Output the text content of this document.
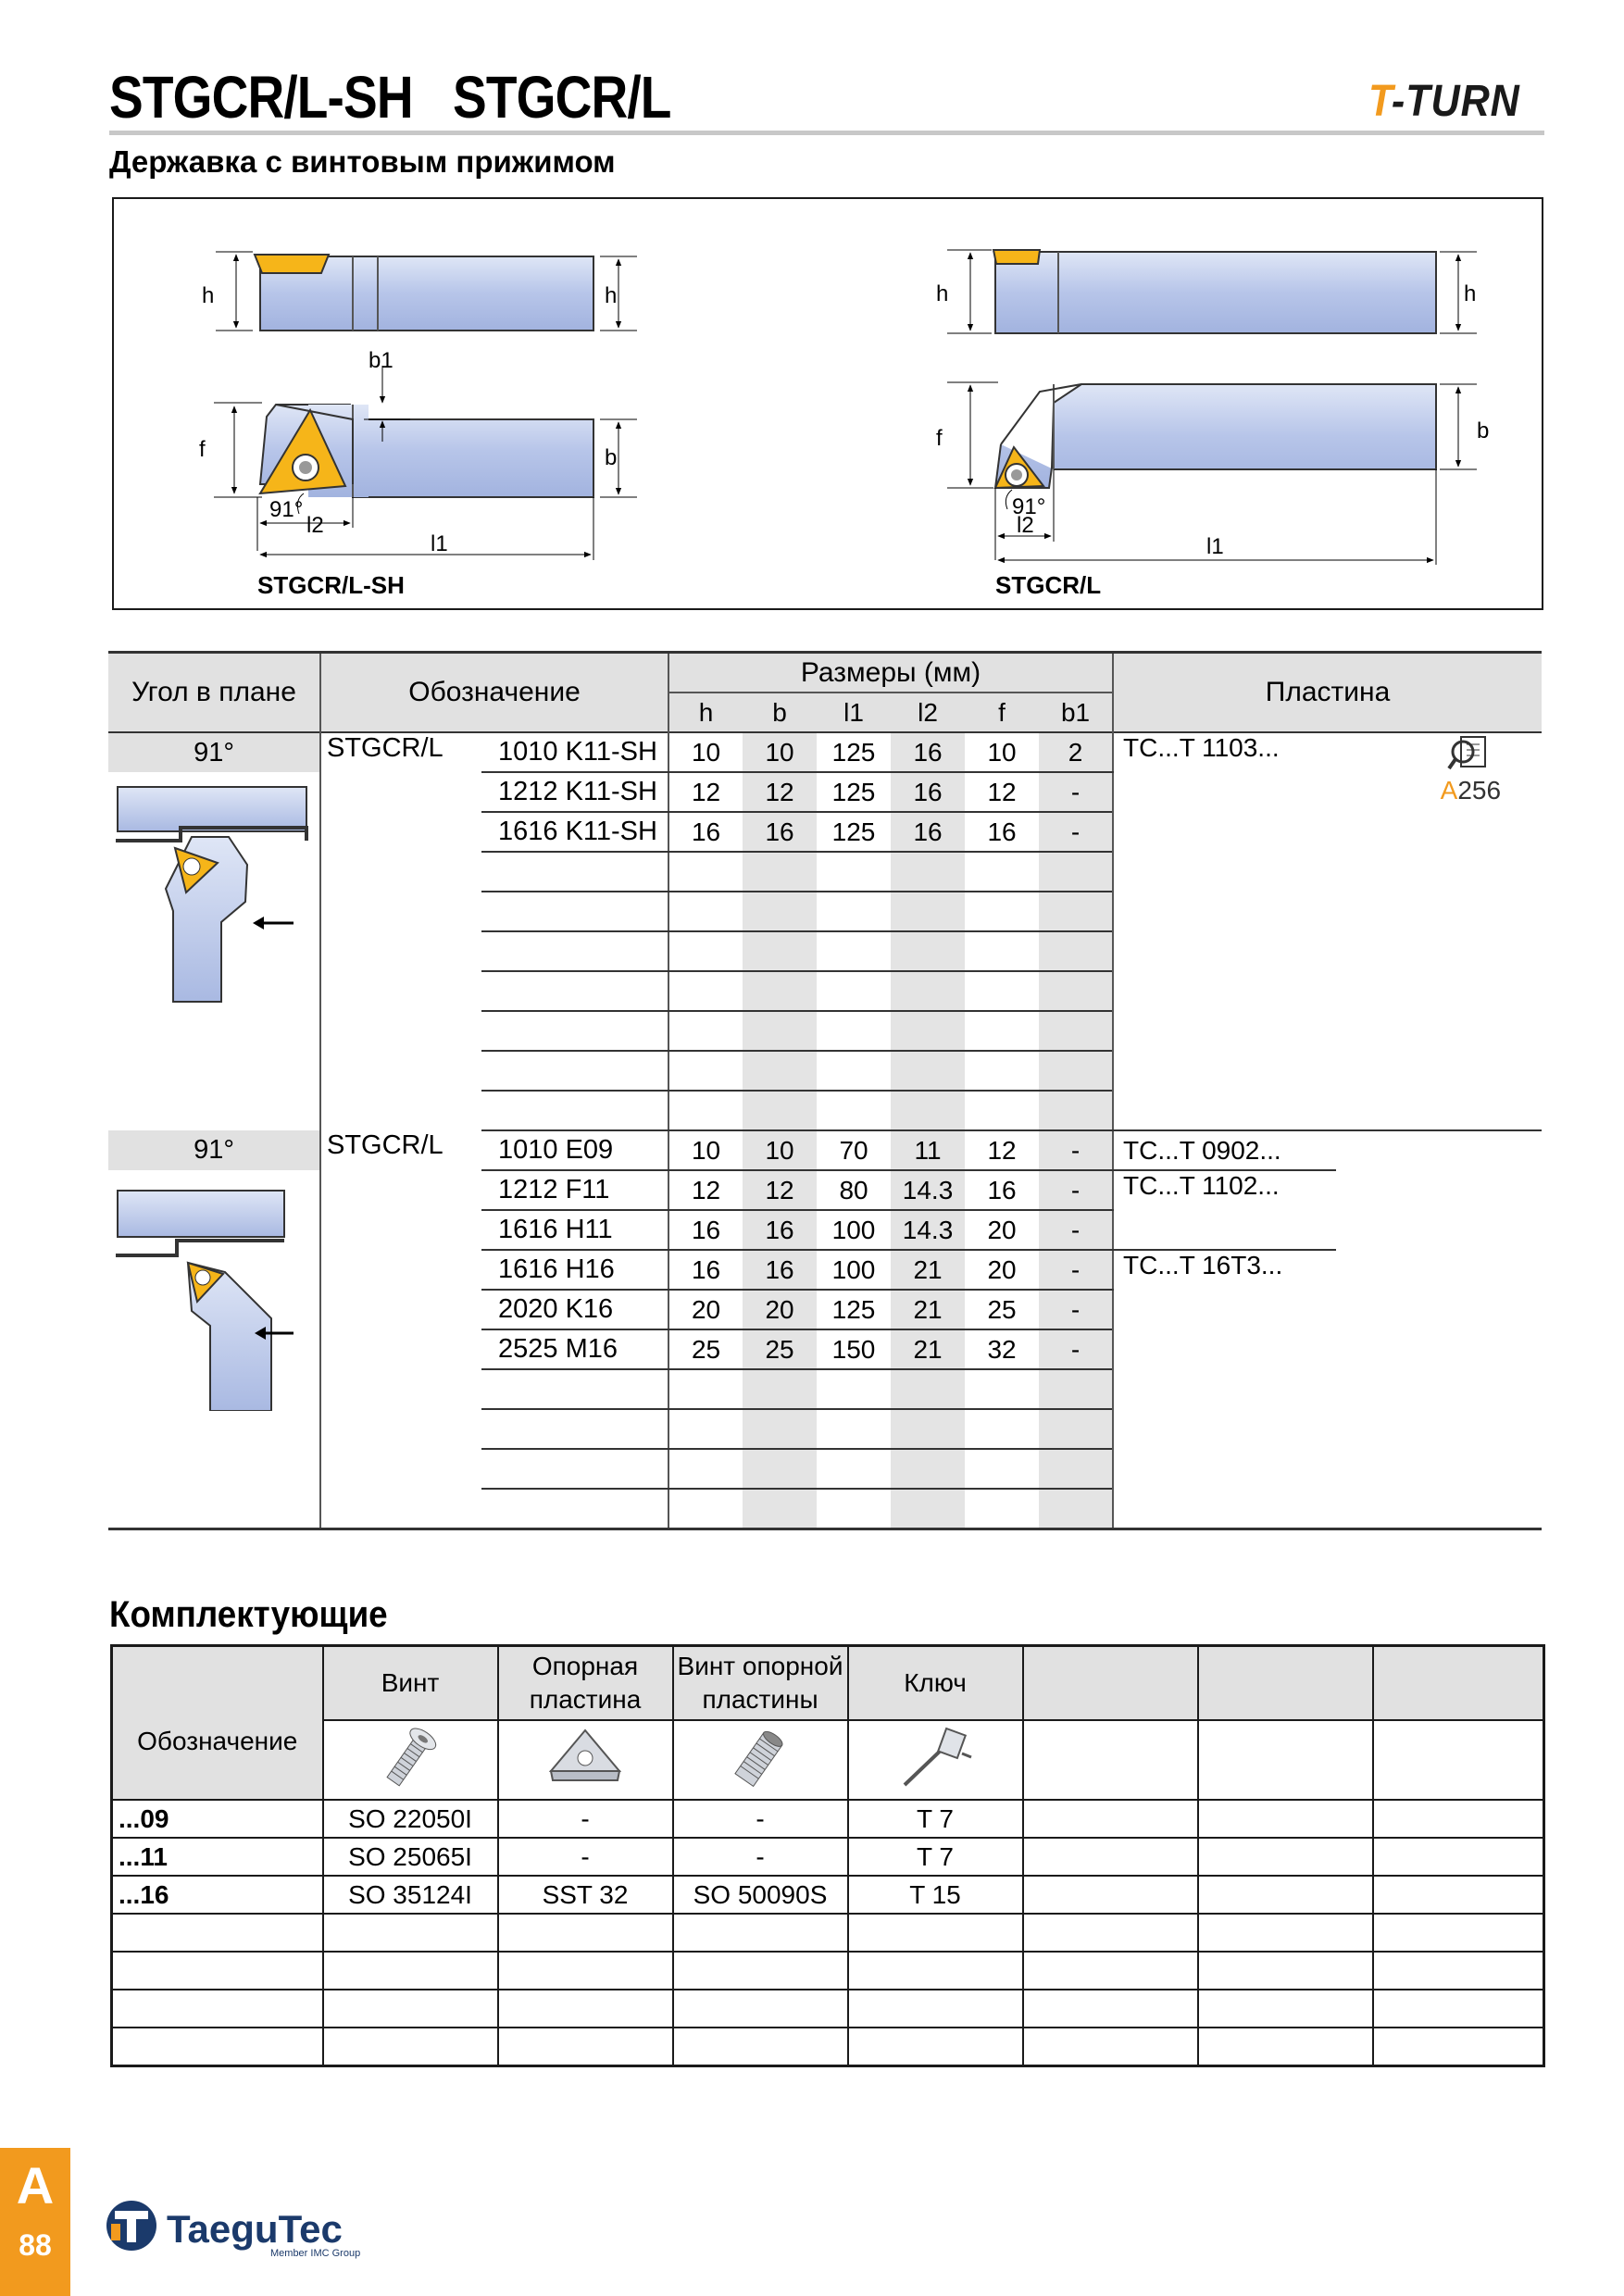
STGCR/L-SH   STGCR/L	T-TURN
Державка с винтовым прижимом
h	h
b1
f	b
91°
l2
l1
STGCR/L-SH
h	h
f	b
91°
l2
l1
STGCR/L
Угол в плане	Обозначение		Размеры (мм)						Пластина	
			h	b	l1	l2	f	b1		
91°	STGCR/L	1010 K11-SH	10	10	125	16	10	2	TC...T 1103...
A256	

	1212 K11-SH	12	12	125	16	12	-		
		1616 K11-SH	16	16	125	16	16	-		

91°	STGCR/L	1010 E09	10	10	70	11	12	-	TC...T 0902...	
	1212 F11	12	12	80	14.3	16	-	TC...T 1102...	
		1616 H11	16	16	100	14.3	20	-		
		1616 H16	16	16	100	21	20	-	TC...T 16T3...	
		2020 K16	20	20	125	21	25	-		
		2525 M16	25	25	150	21	32	-		

Комплектующие
Обозначение	Винт	Опорная пластина	Винт опорной пластины	Ключ			

...09	SO 22050I	-	-	T 7			
...11	SO 25065I	-	-	T 7			
...16	SO 35124I	SST 32	SO 50090S	T 15			

A
88	TaeguTec
Member IMC Group
